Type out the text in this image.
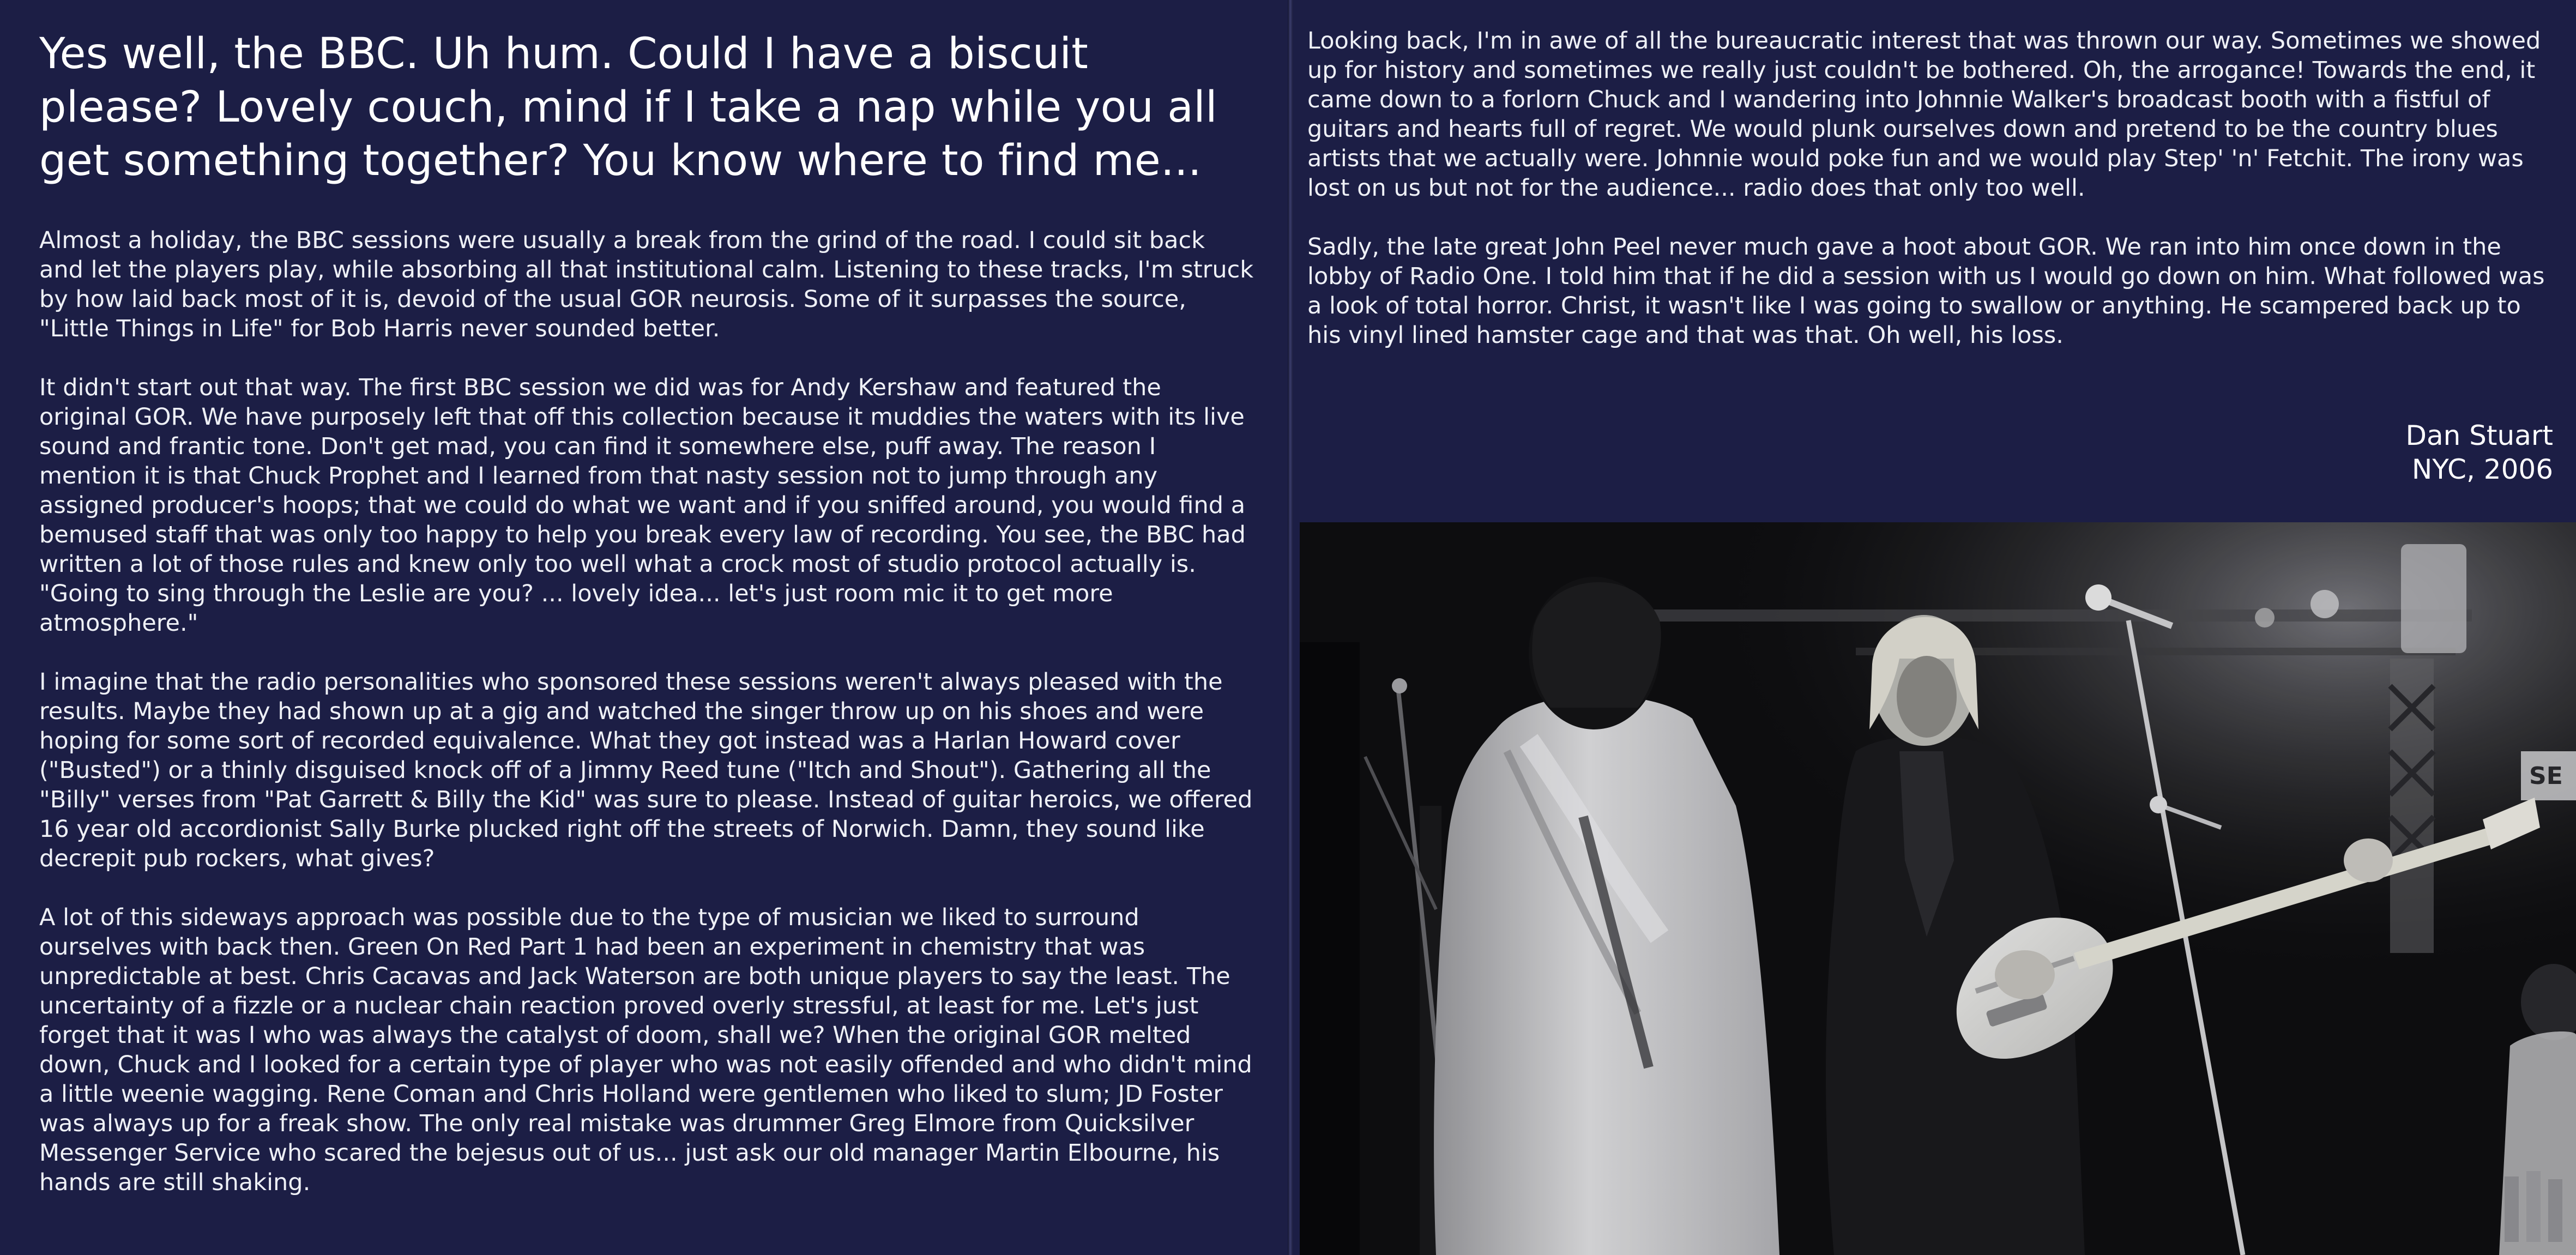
Yes well, the BBC. Uh hum. Could I have a biscuit please? Lovely couch, mind if I take a nap while you all get something together? You know where to find me...

Almost a holiday, the BBC sessions were usually a break from the grind of the road. I could sit back and let the players play, while absorbing all that institutional calm. Listening to these tracks, I'm struck by how laid back most of it is, devoid of the usual GOR neurosis. Some of it surpasses the source, "Little Things in Life" for Bob Harris never sounded better.

It didn't start out that way. The first BBC session we did was for Andy Kershaw and featured the original GOR. We have purposely left that off this collection because it muddies the waters with its live sound and frantic tone. Don't get mad, you can find it somewhere else, puff away. The reason I mention it is that Chuck Prophet and I learned from that nasty session not to jump through any assigned producer's hoops; that we could do what we want and if you sniffed around, you would find a bemused staff that was only too happy to help you break every law of recording. You see, the BBC had written a lot of those rules and knew only too well what a crock most of studio protocol actually is. "Going to sing through the Leslie are you? ... lovely idea... let's just room mic it to get more atmosphere."

I imagine that the radio personalities who sponsored these sessions weren't always pleased with the results. Maybe they had shown up at a gig and watched the singer throw up on his shoes and were hoping for some sort of recorded equivalence. What they got instead was a Harlan Howard cover ("Busted") or a thinly disguised knock off of a Jimmy Reed tune ("Itch and Shout"). Gathering all the "Billy" verses from "Pat Garrett & Billy the Kid" was sure to please. Instead of guitar heroics, we offered 16 year old accordionist Sally Burke plucked right off the streets of Norwich. Damn, they sound like decrepit pub rockers, what gives?

A lot of this sideways approach was possible due to the type of musician we liked to surround ourselves with back then. Green On Red Part 1 had been an experiment in chemistry that was unpredictable at best. Chris Cacavas and Jack Waterson are both unique players to say the least. The uncertainty of a fizzle or a nuclear chain reaction proved overly stressful, at least for me. Let's just forget that it was I who was always the catalyst of doom, shall we? When the original GOR melted down, Chuck and I looked for a certain type of player who was not easily offended and who didn't mind a little weenie wagging. Rene Coman and Chris Holland were gentlemen who liked to slum; JD Foster was always up for a freak show. The only real mistake was drummer Greg Elmore from Quicksilver Messenger Service who scared the bejesus out of us... just ask our old manager Martin Elbourne, his hands are still shaking.

Looking back, I'm in awe of all the bureaucratic interest that was thrown our way. Sometimes we showed up for history and sometimes we really just couldn't be bothered. Oh, the arrogance! Towards the end, it came down to a forlorn Chuck and I wandering into Johnnie Walker's broadcast booth with a fistful of guitars and hearts full of regret. We would plunk ourselves down and pretend to be the country blues artists that we actually were. Johnnie would poke fun and we would play Step' 'n' Fetchit. The irony was lost on us but not for the audience... radio does that only too well.

Sadly, the late great John Peel never much gave a hoot about GOR. We ran into him once down in the lobby of Radio One. I told him that if he did a session with us I would go down on him. What followed was a look of total horror. Christ, it wasn't like I was going to swallow or anything. He scampered back up to his vinyl lined hamster cage and that was that. Oh well, his loss.

Dan Stuart
NYC, 2006
SE
